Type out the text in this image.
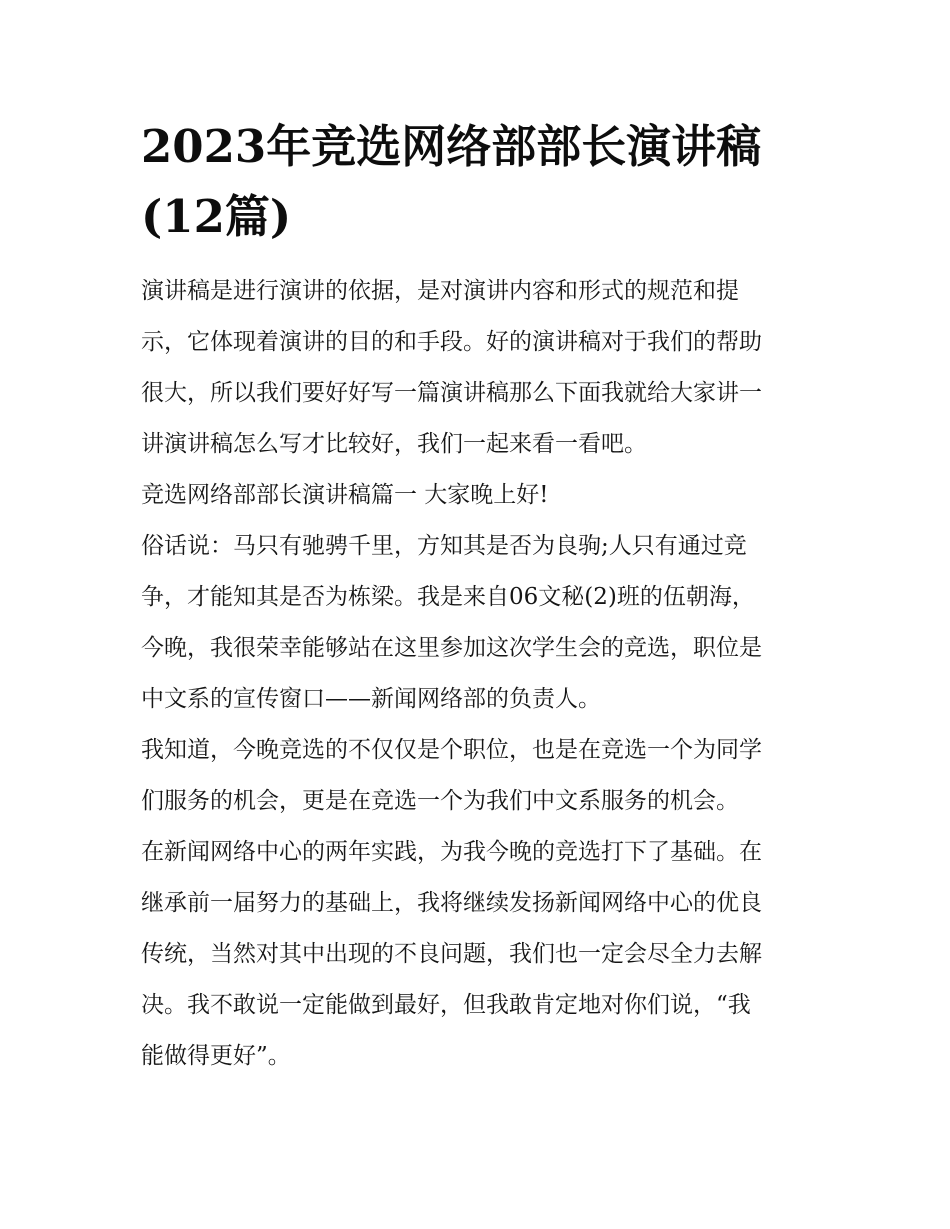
2023年竞选网络部部长演讲稿
(12篇)

演讲稿是进行演讲的依据，是对演讲内容和形式的规范和提
示，它体现着演讲的目的和手段。好的演讲稿对于我们的帮助
很大，所以我们要好好写一篇演讲稿那么下面我就给大家讲一
讲演讲稿怎么写才比较好，我们一起来看一看吧。

竞选网络部部长演讲稿篇一 大家晚上好!

俗话说：马只有驰骋千里，方知其是否为良驹;人只有通过竞
争，才能知其是否为栋梁。我是来自06文秘(2)班的伍朝海，
今晚，我很荣幸能够站在这里参加这次学生会的竞选，职位是
中文系的宣传窗口——新闻网络部的负责人。

我知道，今晚竞选的不仅仅是个职位，也是在竞选一个为同学
们服务的机会，更是在竞选一个为我们中文系服务的机会。

在新闻网络中心的两年实践，为我今晚的竞选打下了基础。在
继承前一届努力的基础上，我将继续发扬新闻网络中心的优良
传统，当然对其中出现的不良问题，我们也一定会尽全力去解
决。我不敢说一定能做到最好，但我敢肯定地对你们说，“我
能做得更好”。
